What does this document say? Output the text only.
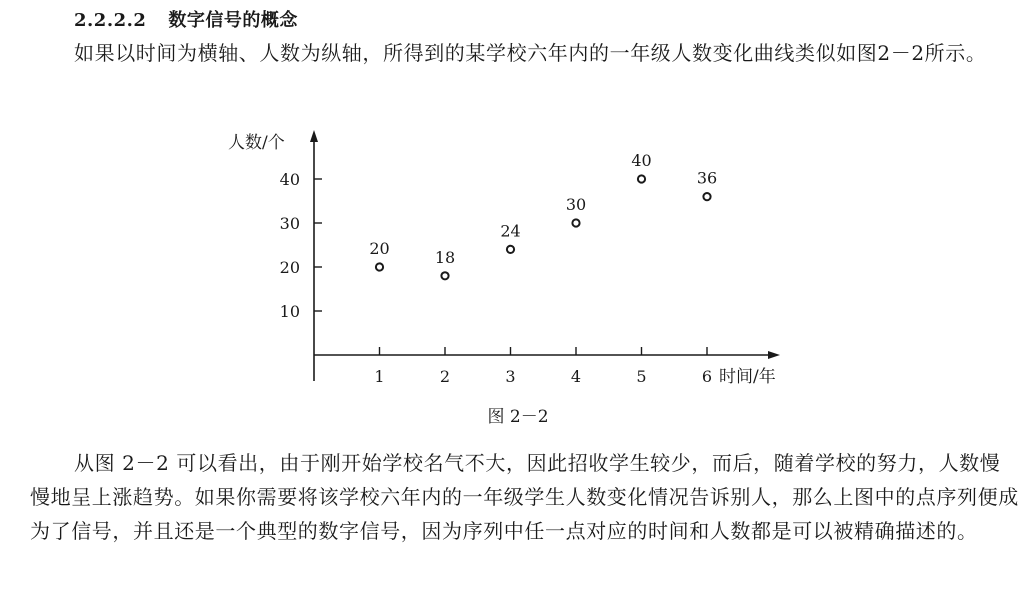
2.2.2.2 数字信号的概念
如果以时间为横轴、人数为纵轴，所得到的某学校六年内的一年级人数变化曲线类似如图2－2所示。
人数/个
10
20
30
40
1	2	3	4	5	6 时间/年
20	18
24
30
40
36
图 2－2
从图 2－2 可以看出，由于刚开始学校名气不大，因此招收学生较少，而后，随着学校的努力，人数慢慢地呈上涨趋势。如果你需要将该学校六年内的一年级学生人数变化情况告诉别人，那么上图中的点序列便成为了信号，并且还是一个典型的数字信号，因为序列中任一点对应的时间和人数都是可以被精确描述的。
